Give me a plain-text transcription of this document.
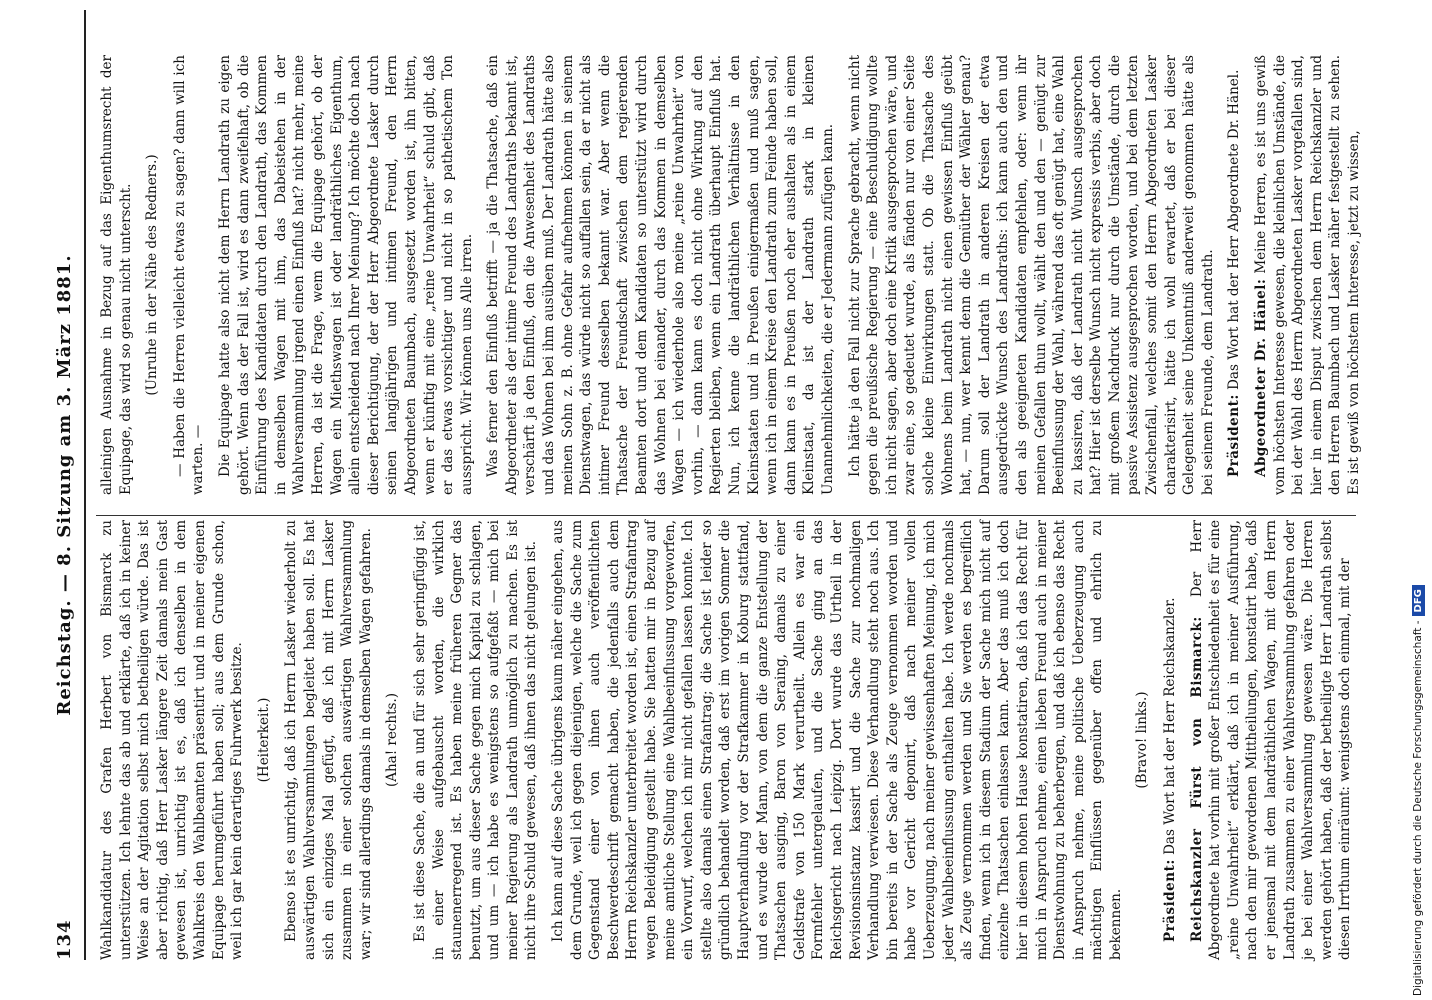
134
Reichstag. — 8. Sitzung am 3. März 1881.

Wahlkandidatur des Grafen Herbert von Bismarck zu unterstützen. Ich lehnte das ab und erklärte, daß ich in keiner Weise an der Agitation selbst mich betheiligen würde. Das ist aber richtig, daß Herr Lasker längere Zeit damals mein Gast gewesen ist, unrichtig ist es, daß ich denselben in dem Wahlkreis den Wahlbeamten präsentirt und in meiner eigenen Equipage herumgeführt haben soll; aus dem Grunde schon, weil ich gar kein derartiges Fuhrwerk besitze. (Heiterkeit.) Ebenso ist es unrichtig, daß ich Herrn Lasker wiederholt zu auswärtigen Wahlversammlungen begleitet haben soll. Es hat sich ein einziges Mal gefügt, daß ich mit Herrn Lasker zusammen in einer solchen auswärtigen Wahlversammlung war; wir sind allerdings damals in demselben Wagen gefahren. (Aha! rechts.) Es ist diese Sache, die an und für sich sehr geringfügig ist, in einer Weise aufgebauscht worden, die wirklich staunenerregend ist. Es haben meine früheren Gegner das benutzt, um aus dieser Sache gegen mich Kapital zu schlagen, und um — ich habe es wenigstens so aufgefaßt — mich bei meiner Regierung als Landrath unmöglich zu machen. Es ist nicht ihre Schuld gewesen, daß ihnen das nicht gelungen ist. Ich kann auf diese Sache übrigens kaum näher eingehen, aus dem Grunde, weil ich gegen diejenigen, welche die Sache zum Gegenstand einer von ihnen auch veröffentlichten Beschwerdeschrift gemacht haben, die jedenfalls auch dem Herrn Reichskanzler unterbreitet worden ist, einen Strafantrag wegen Beleidigung gestellt habe. Sie hatten mir in Bezug auf meine amtliche Stellung eine Wahlbeeinflussung vorgeworfen, ein Vorwurf, welchen ich mir nicht gefallen lassen konnte. Ich stellte also damals einen Strafantrag; die Sache ist leider so gründlich behandelt worden, daß erst im vorigen Sommer die Hauptverhandlung vor der Strafkammer in Koburg stattfand, und es wurde der Mann, von dem die ganze Entstellung der Thatsachen ausging, Baron von Seraing, damals zu einer Geldstrafe von 150 Mark verurtheilt. Allein es war ein Formfehler untergelaufen, und die Sache ging an das Reichsgericht nach Leipzig. Dort wurde das Urtheil in der Revisionsinstanz kassirt und die Sache zur nochmaligen Verhandlung verwiesen. Diese Verhandlung steht noch aus. Ich bin bereits in der Sache als Zeuge vernommen worden und habe vor Gericht deponirt, daß nach meiner vollen Ueberzeugung, nach meiner gewissenhaften Meinung, ich mich jeder Wahlbeeinflussung enthalten habe. Ich werde nochmals als Zeuge vernommen werden und Sie werden es begreiflich finden, wenn ich in diesem Stadium der Sache mich nicht auf einzelne Thatsachen einlassen kann. Aber das muß ich doch hier in diesem hohen Hause konstatiren, daß ich das Recht für mich in Anspruch nehme, einen lieben Freund auch in meiner Dienstwohnung zu beherbergen, und daß ich ebenso das Recht in Anspruch nehme, meine politische Ueberzeugung auch mächtigen Einflüssen gegenüber offen und ehrlich zu bekennen.

(Bravo! links.)

Präsident: Das Wort hat der Herr Reichskanzler. Reichskanzler Fürst von Bismarck: Der Herr Abgeordnete hat vorhin mit großer Entschiedenheit es für eine „reine Unwahrheit“ erklärt, daß ich in meiner Ausführung, nach den mir gewordenen Mittheilungen, konstatirt habe, daß er jenesmal mit dem landräthlichen Wagen, mit dem Herrn Landrath zusammen zu einer Wahlversammlung gefahren oder je bei einer Wahlversammlung gewesen wäre. Die Herren werden gehört haben, daß der betheiligte Herr Landrath selbst diesen Irrthum einräumt: wenigstens doch einmal, mit der

alleinigen Ausnahme in Bezug auf das Eigenthumsrecht der Equipage, das wird so genau nicht unterscht. (Unruhe in der Nähe des Redners.) — Haben die Herren vielleicht etwas zu sagen? dann will ich warten. — Die Equipage hatte also nicht dem Herrn Landrath zu eigen gehört. Wenn das der Fall ist, wird es dann zweifelhaft, ob die Einführung des Kandidaten durch den Landrath, das Kommen in demselben Wagen mit ihm, das Dabeistehen in der Wahlversammlung irgend einen Einfluß hat? nicht mehr, meine Herren, da ist die Frage, wem die Equipage gehört, ob der Wagen ein Miethswagen ist oder landräthliches Eigenthum, allein entscheidend nach Ihrer Meinung? Ich möchte doch nach dieser Berichtigung, der der Herr Abgeordnete Lasker durch seinen langjährigen und intimen Freund, den Herrn Abgeordneten Baumbach, ausgesetzt worden ist, ihn bitten, wenn er künftig mit eine „reine Unwahrheit“ schuld gibt, daß er das etwas vorsichtiger und nicht in so pathetischem Ton ausspricht. Wir können uns Alle irren. Was ferner den Einfluß betrifft — ja die Thatsache, daß ein Abgeordneter als der intime Freund des Landraths bekannt ist, verschärft ja den Einfluß, den die Anwesenheit des Landraths und das Wohnen bei ihm ausüben muß. Der Landrath hätte also meinen Sohn z. B. ohne Gefahr aufnehmen können in seinem Dienstwagen, das würde nicht so auffallen sein, da er nicht als intimer Freund desselben bekannt war. Aber wenn die Thatsache der Freundschaft zwischen dem regierenden Beamten dort und dem Kandidaten so unterstützt wird durch das Wohnen bei einander, durch das Kommen in demselben Wagen — ich wiederhole also meine „reine Unwahrheit“ von vorhin, — dann kann es doch nicht ohne Wirkung auf den Regierten bleiben, wenn ein Landrath überhaupt Einfluß hat. Nun, ich kenne die landräthlichen Verhältnisse in den Kleinstaaten und in Preußen einigermaßen und muß sagen, wenn ich in einem Kreise den Landrath zum Feinde haben soll, dann kann es in Preußen noch eher aushalten als in einem Kleinstaat, da ist der Landrath stark in kleinen Unannehmlichkeiten, die er Jedermann zufügen kann. Ich hätte ja den Fall nicht zur Sprache gebracht, wenn nicht gegen die preußische Regierung — eine Beschuldigung wollte ich nicht sagen, aber doch eine Kritik ausgesprochen wäre, und zwar eine, so gedeutet wurde, als fänden nur von einer Seite solche kleine Einwirkungen statt. Ob die Thatsache des Wohnens beim Landrath nicht einen gewissen Einfluß geübt hat, — nun, wer kennt denn die Gemüther der Wähler genau? Darum soll der Landrath in anderen Kreisen der etwa ausgedrückte Wunsch des Landraths: ich kann auch den und den als geeigneten Kandidaten empfehlen, oder: wenn ihr meinen Gefallen thun wollt, wählt den und den — genügt zur Beeinflussung der Wahl, während das oft genügt hat, eine Wahl zu kassiren, daß der Landrath nicht Wunsch ausgesprochen hat? Hier ist derselbe Wunsch nicht expressis verbis, aber doch mit großem Nachdruck nur durch die Umstände, durch die passive Assistenz ausgesprochen worden, und bei dem letzten Zwischenfall, welches somit den Herrn Abgeordneten Lasker charakterisirt, hätte ich wohl erwartet, daß er bei dieser Gelegenheit seine Unkenntniß anderweit genommen hätte als bei seinem Freunde, dem Landrath. Präsident: Das Wort hat der Herr Abgeordnete Dr. Hänel. Abgeordneter Dr. Hänel: Meine Herren, es ist uns gewiß vom höchsten Interesse gewesen, die kleinlichen Umstände, die bei der Wahl des Herrn Abgeordneten Lasker vorgefallen sind, hier in einem Disput zwischen dem Herrn Reichskanzler und den Herren Baumbach und Lasker näher festgestellt zu sehen. Es ist gewiß von höchstem Interesse, jetzt zu wissen,

Digitalisierung gefördert durch die Deutsche Forschungsgemeinschaft -DFG
